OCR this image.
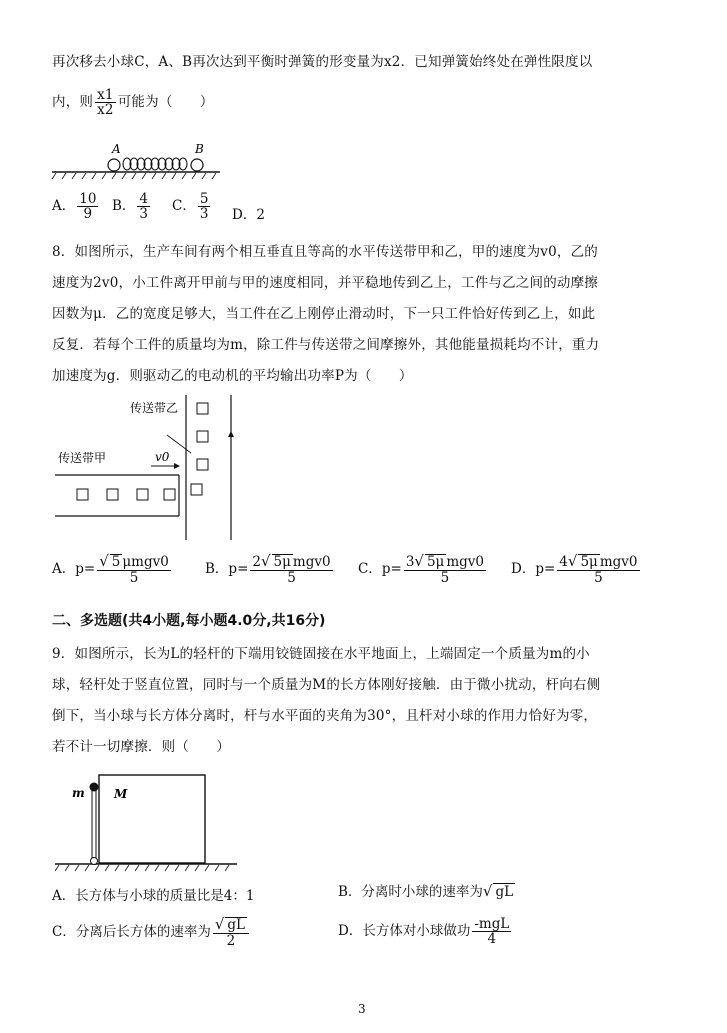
再次移去小球C，A、B再次达到平衡时弹簧的形变量为x2．已知弹簧始终处在弹性限度以
内，则 $\frac{x1}{x2}$ 可能为（　　）
A	B
A． $\frac{10}{9}$ B． $\frac{4}{3}$ C． $\frac{5}{3}$ D．2
8．如图所示，生产车间有两个相互垂直且等高的水平传送带甲和乙，甲的速度为v0，乙的
速度为2v0，小工件离开甲前与甲的速度相同，并平稳地传到乙上，工件与乙之间的动摩擦
因数为μ．乙的宽度足够大，当工件在乙上刚停止滑动时，下一只工件恰好传到乙上，如此
反复．若每个工件的质量均为m，除工件与传送带之间摩擦外，其他能量损耗均不计，重力
加速度为g．则驱动乙的电动机的平均输出功率P为（　　）
传送带乙
传送带甲	v0
A．$p= \frac{\text{√ 5 μmgv0}}{5}$	B．$p= \frac{\text{2√ 5μ mgv0}}{5}$ C．$p= \frac{\text{3√ 5μ mgv0}}{5}$ D．$p= \frac{\text{4√ 5μ mgv0}}{5}$
二、多选题(共4小题,每小题4.0分,共16分)
9．如图所示，长为L的轻杆的下端用铰链固接在水平地面上，上端固定一个质量为m的小
球，轻杆处于竖直位置，同时与一个质量为M的长方体刚好接触．由于微小扰动，杆向右侧
倒下，当小球与长方体分离时，杆与水平面的夹角为30°，且杆对小球的作用力恰好为零，
若不计一切摩擦．则（　　）
m M
A．长方体与小球的质量比是4：1	B．分离时小球的速率为√ gL
C．分离后长方体的速率为 $\frac{√ gL}{2}$	D．长方体对小球做功 $\frac{\text{-mgL}}{4}$
3
